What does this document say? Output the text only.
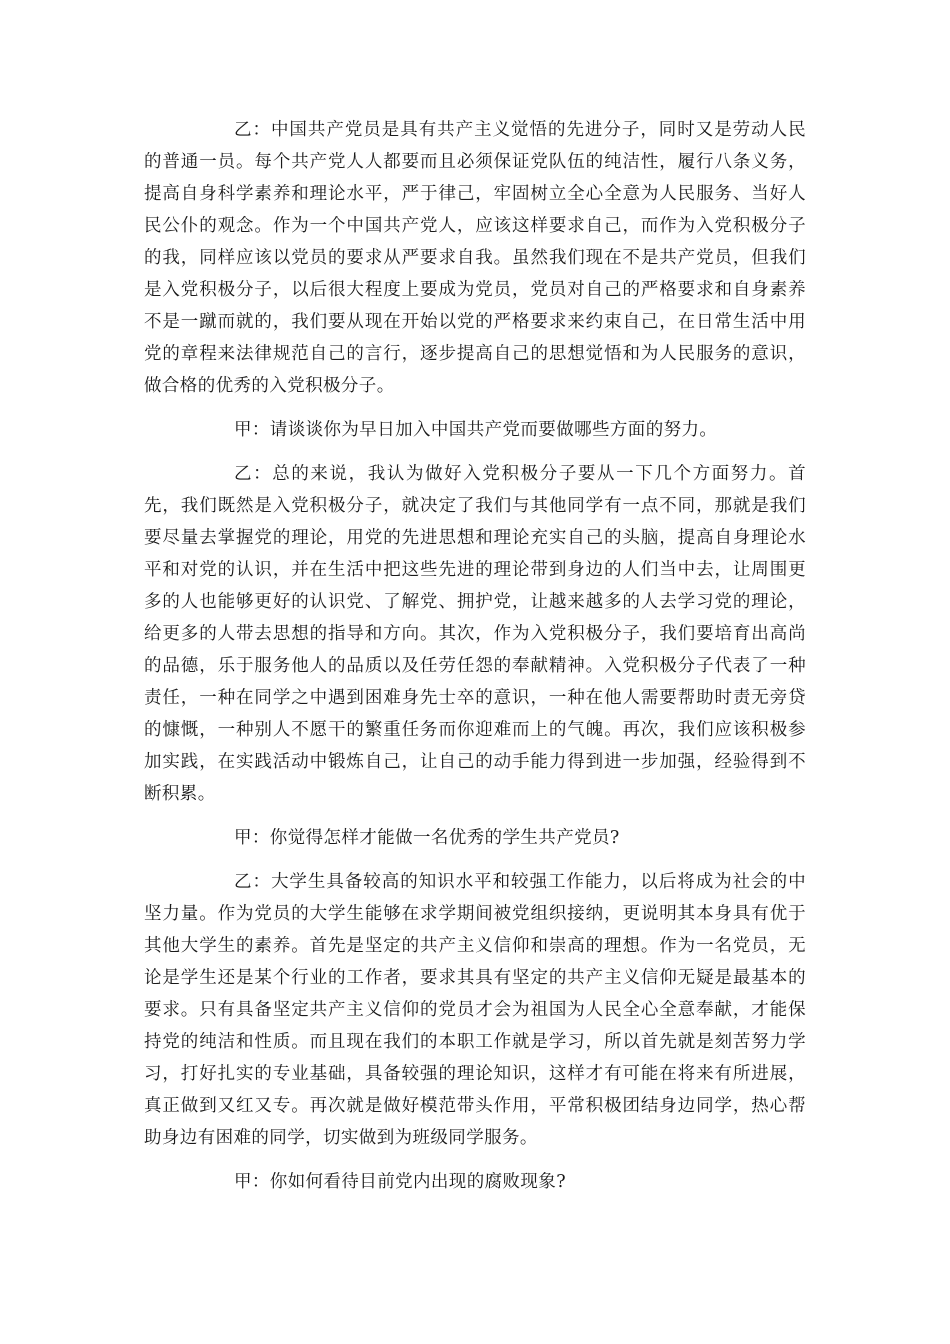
乙：中国共产党员是具有共产主义觉悟的先进分子，同时又是劳动人民的普通一员。每个共产党人人都要而且必须保证党队伍的纯洁性，履行八条义务，提高自身科学素养和理论水平，严于律己，牢固树立全心全意为人民服务、当好人民公仆的观念。作为一个中国共产党人，应该这样要求自己，而作为入党积极分子的我，同样应该以党员的要求从严要求自我。虽然我们现在不是共产党员，但我们是入党积极分子，以后很大程度上要成为党员，党员对自己的严格要求和自身素养不是一蹴而就的，我们要从现在开始以党的严格要求来约束自己，在日常生活中用党的章程来法律规范自己的言行，逐步提高自己的思想觉悟和为人民服务的意识，做合格的优秀的入党积极分子。

甲：请谈谈你为早日加入中国共产党而要做哪些方面的努力。

乙：总的来说，我认为做好入党积极分子要从一下几个方面努力。首先，我们既然是入党积极分子，就决定了我们与其他同学有一点不同，那就是我们要尽量去掌握党的理论，用党的先进思想和理论充实自己的头脑，提高自身理论水平和对党的认识，并在生活中把这些先进的理论带到身边的人们当中去，让周围更多的人也能够更好的认识党、了解党、拥护党，让越来越多的人去学习党的理论，给更多的人带去思想的指导和方向。其次，作为入党积极分子，我们要培育出高尚的品德，乐于服务他人的品质以及任劳任怨的奉献精神。入党积极分子代表了一种责任，一种在同学之中遇到困难身先士卒的意识，一种在他人需要帮助时责无旁贷的慷慨，一种别人不愿干的繁重任务而你迎难而上的气魄。再次，我们应该积极参加实践，在实践活动中锻炼自己，让自己的动手能力得到进一步加强，经验得到不断积累。

甲：你觉得怎样才能做一名优秀的学生共产党员?

乙：大学生具备较高的知识水平和较强工作能力，以后将成为社会的中坚力量。作为党员的大学生能够在求学期间被党组织接纳，更说明其本身具有优于其他大学生的素养。首先是坚定的共产主义信仰和崇高的理想。作为一名党员，无论是学生还是某个行业的工作者，要求其具有坚定的共产主义信仰无疑是最基本的要求。只有具备坚定共产主义信仰的党员才会为祖国为人民全心全意奉献，才能保持党的纯洁和性质。而且现在我们的本职工作就是学习，所以首先就是刻苦努力学习，打好扎实的专业基础，具备较强的理论知识，这样才有可能在将来有所进展，真正做到又红又专。再次就是做好模范带头作用，平常积极团结身边同学，热心帮助身边有困难的同学，切实做到为班级同学服务。

甲：你如何看待目前党内出现的腐败现象?
